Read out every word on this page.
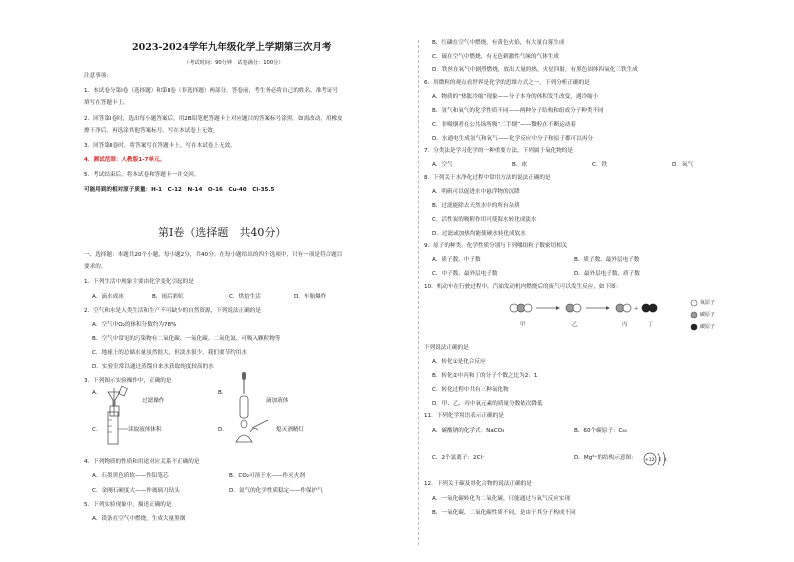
2023-2024学年九年级化学上学期第三次月考
（考试时间：90分钟　试卷满分：100分）
注意事项：
1．本试卷分第Ⅰ卷（选择题）和第Ⅱ卷（非选择题）两部分。答卷前，考生务必将自己的姓名、准考证号
填写在答题卡上。
2．回答第Ⅰ卷时，选出每小题答案后，用2B铅笔把答题卡上对应题目的答案标号涂黑。如需改动，用橡皮
擦干净后，再选涂其他答案标号。写在本试卷上无效。
3．回答第Ⅱ卷时，将答案写在答题卡上。写在本试卷上无效。
4．测试范围：人教版1-7单元。
5．考试结束后，将本试卷和答题卡一并交回。
可能用到的相对原子质量：H-1　C-12　N-14　O-16　Cu-40　Cl-35.5
第Ⅰ卷（选择题　共40分）
一、选择题：本题共20个小题，每小题2分，共40分。在每小题给出的四个选项中，只有一项是符合题目
要求的。
1．下列生活中现象主要由化学变化引起的是
A．滴水成冰	B．雨后彩虹	C．烘焙生活	D．车胎爆炸
2．空气和水是人类生活和生产不可缺少的自然资源，下列说法正确的是
A．空气中O₂的体积分数约为78%
B．空气中常见的污染物有二氧化碳、一氧化碳、二氧化氮、可吸入颗粒物等
C．地球上的总储水量虽然很大，但淡水很少，我们要节约用水
D．实验室常以通过蒸馏自来水获取纯度较高的水
3．下列图示实验操作中，正确的是
A．
过滤操作
B．
滴加液体
C．	读取液体体积	D．	熄灭酒精灯
4．下列物质的性质和用途对应关系不正确的是
A．石墨黑色质软——作铅笔芯	B．CO₂可溶于水——作灭火剂
C．金刚石硬度大——作玻璃刀钻头	D．氮气的化学性质稳定——作保护气
5．下列实验现象中，描述正确的是
A．镁条在空气中燃烧，生成大量黑烟
B．红磷在空气中燃烧，有黄色火焰，有大量白雾生成
C．硫在空气中燃烧，有无色刺激性气味的气体生成
D．铁丝在氧气中剧烈燃烧，放出大量的热，火星四射，有黑色固体四氧化三铁生成
6．用微粒的观点看世界是化学的思维方式之一，下列分析正确的是
A．物质的“热胀冷缩”现象——分子本身的体积发生改变，遇冷缩小
B．氢气和氧气的化学性质不同——两种分子结构和组成分子种类不同
C．非吸烟者在公共场所吸“二手烟”——微粒在不断运动着
D．水通电生成氢气和氧气——化学反应中分子和原子都可以再分
7．分类法是学习化学的一种重要方法。下列属于氧化物的是
A．空气	B．冰	C．铁	D．氧气
8．下列关于水净化过程中常用方法的说法正确的是
A．明矾可以促进水中悬浮物的沉降
B．过滤能除去天然水中的所有杂质
C．活性炭的吸附作用可使海水转化成淡水
D．过滤或加热均能使硬水转化成软水
9．原子的种类、化学性质分别与下列哪组粒子数密切相关
A．质子数、中子数	B．质子数、最外层电子数
C．中子数、最外层电子数	D．最外层电子数、质子数
10．机动车在行驶过程中，汽油发动机内燃烧后的废气可以发生反应，如下图：
+
甲	乙	丙	丁
氧原子
碳原子
碳原子
下列说法正确的是
A．转化①是化合反应
B．转化②中丙和丁的分子个数之比为2：1
C．转化过程中共有三种氧化物
D．甲、乙、丙中氧元素的质量分数依次降低
11．下列化学用语表示正确的是
A．碳酸钠的化学式：NaCO₃	B．60个碳原子：C₆₀
C．2个氯离子：2Cl⁻	D．Mg²⁺的结构示意图： +12 2 8
12．下列关于碳及其化合物的说法正确的是
A．一氧化碳转化为二氧化碳，只能通过与氧气反应实现
B．一氧化碳、二氧化碳性质不同，是由于其分子构成不同
